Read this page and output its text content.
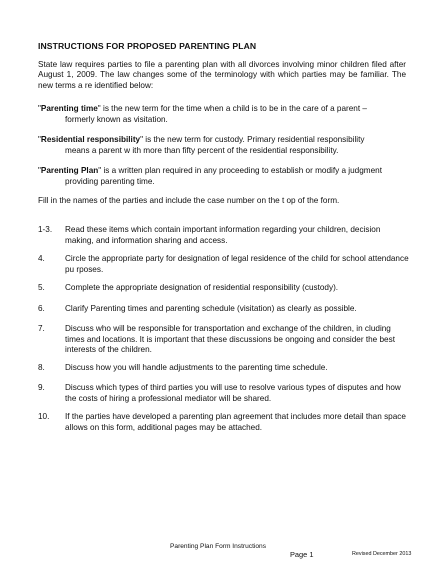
INSTRUCTIONS FOR PROPOSED PARENTING PLAN
State law requires parties to file a parenting plan with all divorces involving minor children filed after August 1, 2009. The law changes some of the terminology with which parties may be familiar. The new terms a re identified below:
"Parenting time" is the new term for the time when a child is to be in the care of a parent –
formerly known as visitation.
"Residential responsibility" is the new term for custody. Primary residential responsibility
means a parent w ith more than fifty percent of the residential responsibility.
"Parenting Plan" is a written plan required in any proceeding to establish or modify a judgment
providing parenting time.
Fill in the names of the parties and include the case number on the t op of the form.
1-3. Read these items which contain important information regarding your children, decision making, and information sharing and access.
4. Circle the appropriate party for designation of legal residence of the child for school attendance pu rposes.
5. Complete the appropriate designation of residential responsibility (custody).
6. Clarify Parenting times and parenting schedule (visitation) as clearly as possible.
7. Discuss who will be responsible for transportation and exchange of the children, in cluding times and locations. It is important that these discussions be ongoing and consider the best interests of the children.
8. Discuss how you will handle adjustments to the parenting time schedule.
9. Discuss which types of third parties you will use to resolve various types of disputes and how the costs of hiring a professional mediator will be shared.
10. If the parties have developed a parenting plan agreement that includes more detail than space allows on this form, additional pages may be attached.
Parenting Plan Form Instructions
Page 1	Revised December 2013
